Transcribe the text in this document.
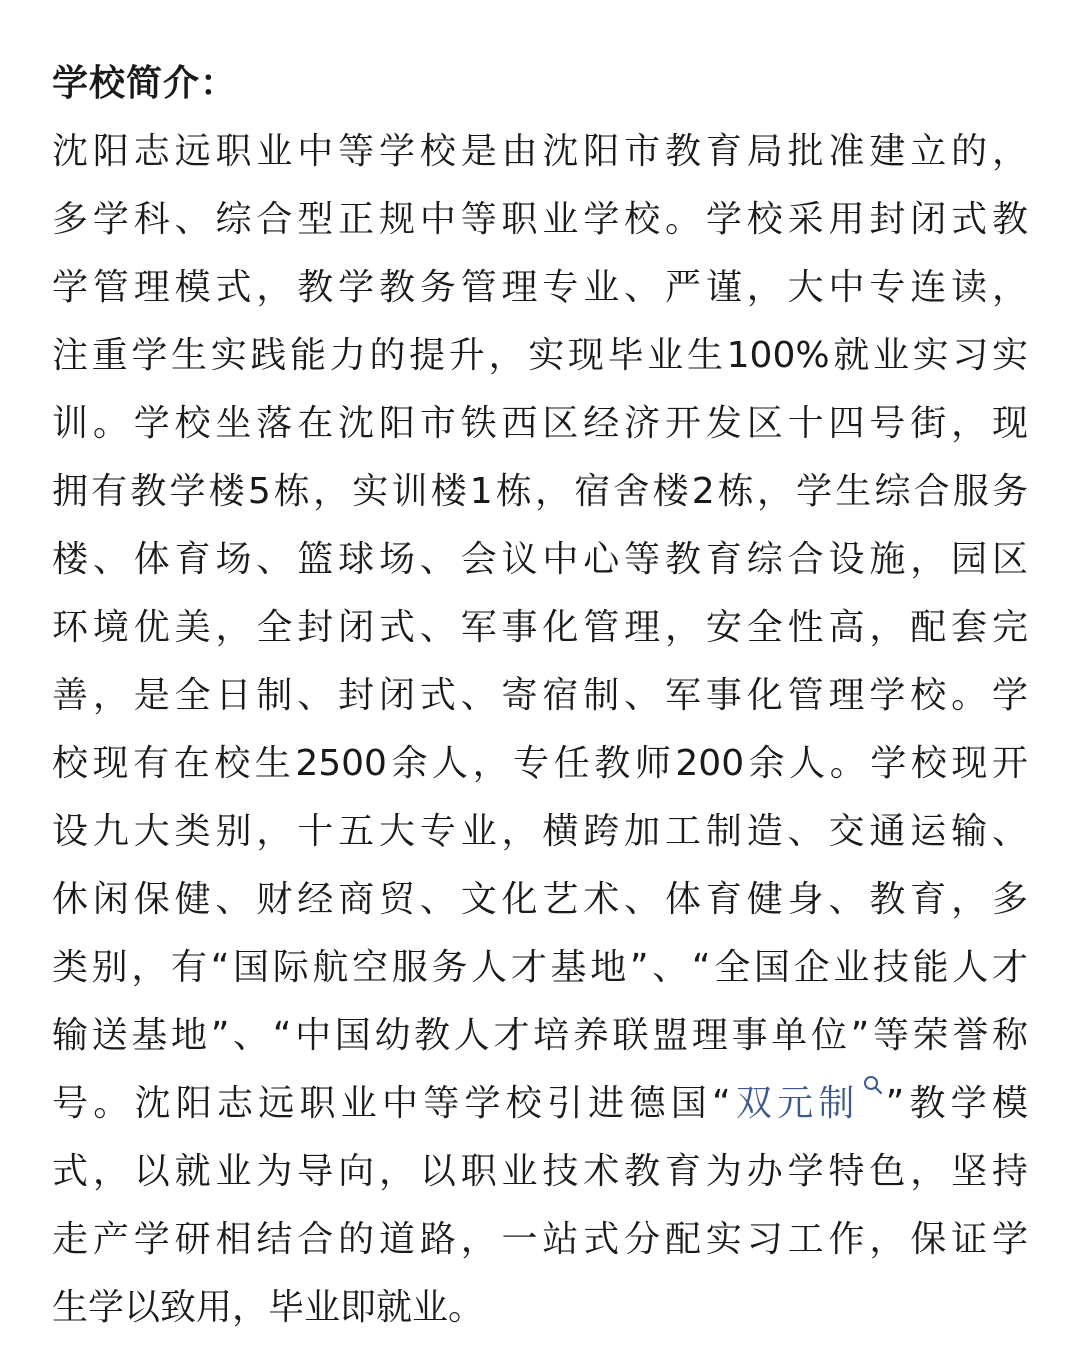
学校简介：
沈阳志远职业中等学校是由沈阳市教育局批准建立的，
多学科、综合型正规中等职业学校。学校采用封闭式教
学管理模式，教学教务管理专业、严谨，大中专连读，
注重学生实践能力的提升，实现毕业生100%就业实习实
训。学校坐落在沈阳市铁西区经济开发区十四号街，现
拥有教学楼5栋，实训楼1栋，宿舍楼2栋，学生综合服务
楼、体育场、篮球场、会议中心等教育综合设施，园区
环境优美，全封闭式、军事化管理，安全性高，配套完
善，是全日制、封闭式、寄宿制、军事化管理学校。学
校现有在校生2500余人，专任教师200余人。学校现开
设九大类别，十五大专业，横跨加工制造、交通运输、
休闲保健、财经商贸、文化艺术、体育健身、教育，多
类别，有“国际航空服务人才基地”、“全国企业技能人才
输送基地”、“中国幼教人才培养联盟理事单位”等荣誉称
号。沈阳志远职业中等学校引进德国“双元制 ”教学模
式，以就业为导向，以职业技术教育为办学特色，坚持
走产学研相结合的道路，一站式分配实习工作，保证学
生学以致用，毕业即就业。
